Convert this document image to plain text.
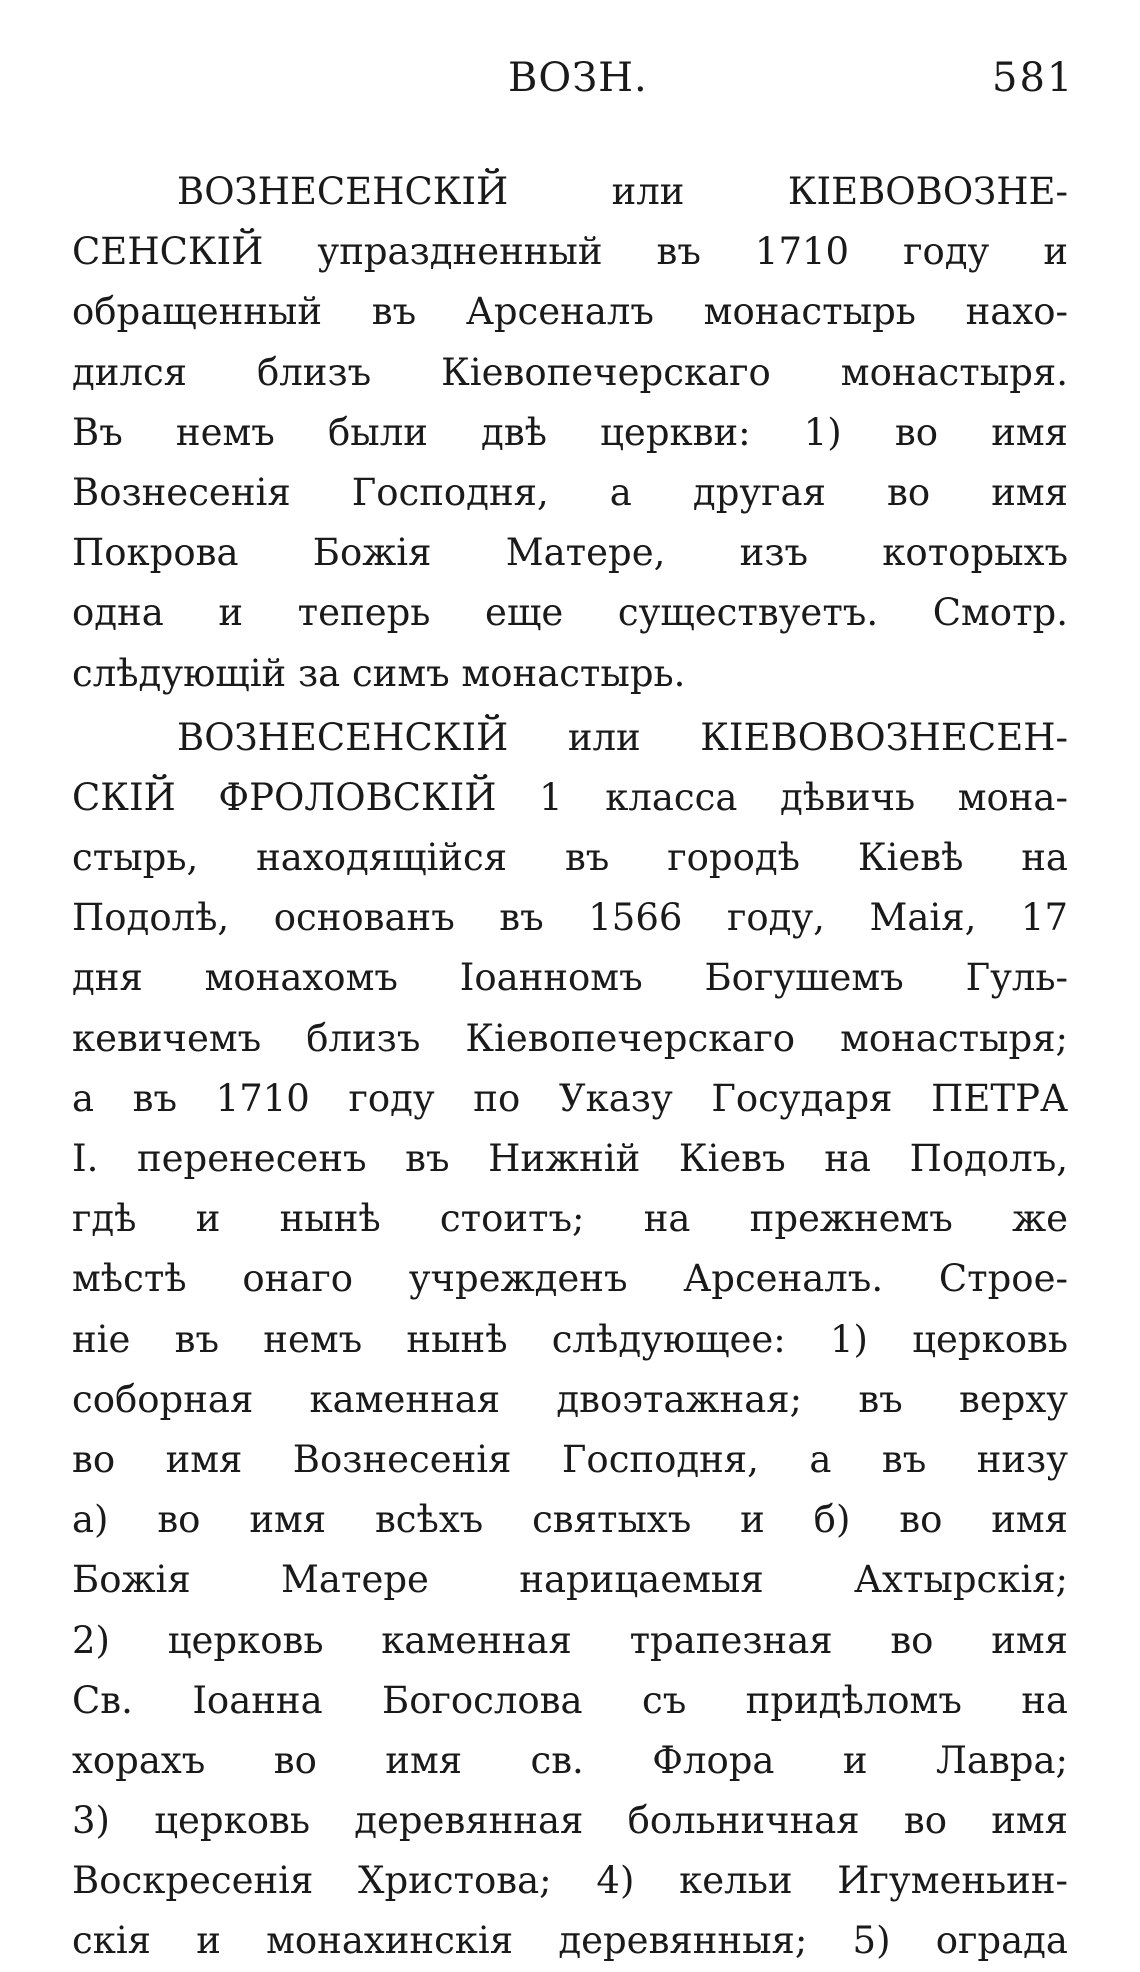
ВОЗН.	581
ВОЗНЕСЕНСКIЙ или КIЕВОВОЗНЕ-
СЕНСКIЙ упраздненный въ 1710 году и
обращенный въ Арсеналъ монастырь нахо-
дился близъ Кiевопечерскаго монастыря.
Въ немъ были двѣ церкви: 1) во имя
Вознесенiя Господня, а другая во имя
Покрова Божiя Матере, изъ которыхъ
одна и теперь еще существуетъ. Смотр.
слѣдующiй за симъ монастырь.
ВОЗНЕСЕНСКIЙ или КIЕВОВОЗНЕСЕН-
СКIЙ ФРОЛОВСКIЙ 1 класса дѣвичь мона-
стырь, находящiйся въ городѣ Кiевѣ на
Подолѣ, основанъ въ 1566 году, Маiя, 17
дня монахомъ Iоанномъ Богушемъ Гуль-
кевичемъ близъ Кiевопечерскаго монастыря;
а въ 1710 году по Указу Государя ПЕТРА
I. перенесенъ въ Нижнiй Кiевъ на Подолъ,
гдѣ и нынѣ стоитъ; на прежнемъ же
мѣстѣ онаго учрежденъ Арсеналъ. Строе-
нiе въ немъ нынѣ слѣдующее: 1) церковь
соборная каменная двоэтажная; въ верху
во имя Вознесенiя Господня, а въ низу
а) во имя всѣхъ святыхъ и б) во имя
Божiя Матере нарицаемыя Ахтырскiя;
2) церковь каменная трапезная во имя
Св. Iоанна Богослова съ придѣломъ на
хорахъ во имя св. Флора и Лавра;
3) церковь деревянная больничная во имя
Воскресенiя Христова; 4) кельи Игуменьин-
скiя и монахинскiя деревянныя; 5) ограда
